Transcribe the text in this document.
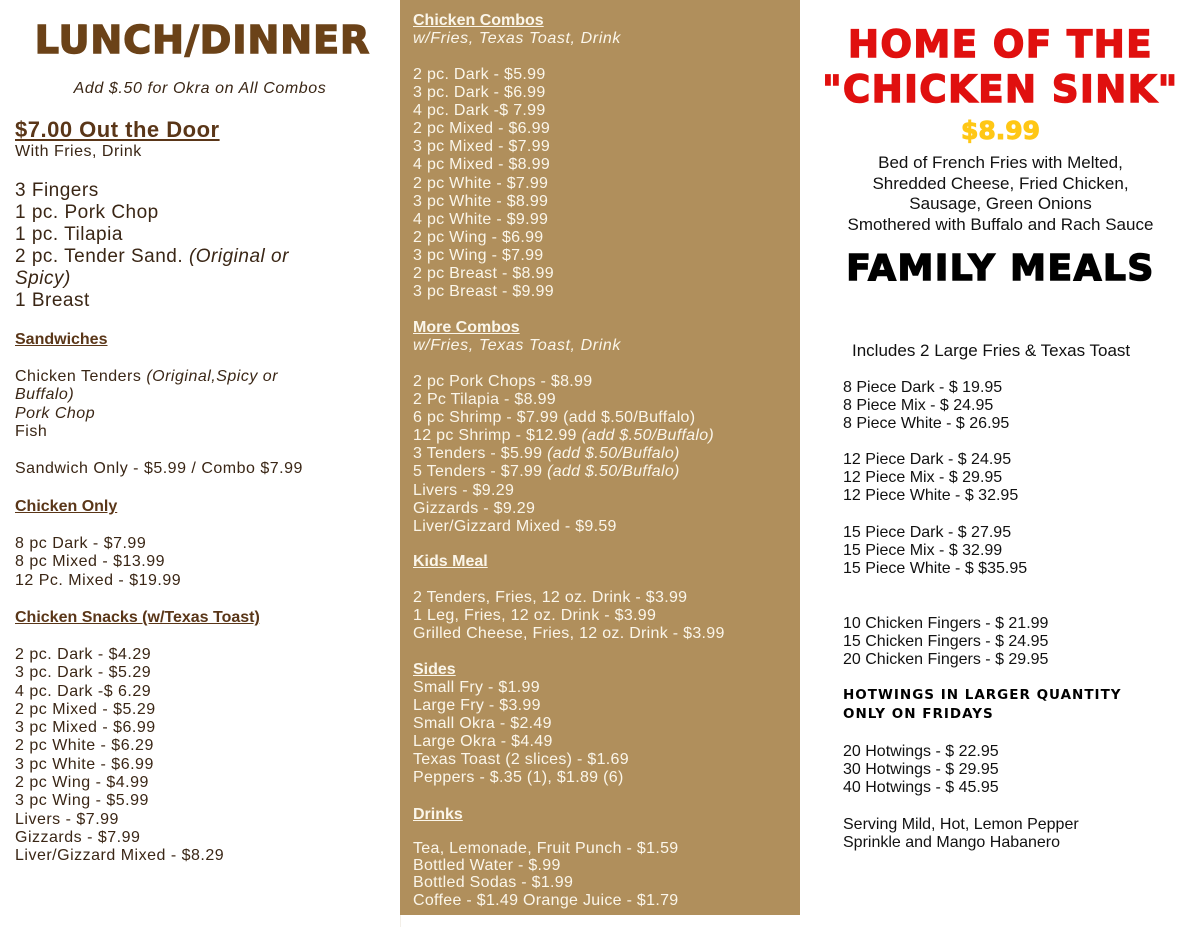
LUNCH/DINNER
Add $.50 for Okra on All Combos
$7.00 Out the Door
With Fries, Drink
3 Fingers
1 pc. Pork Chop
1 pc. Tilapia
2 pc. Tender Sand. (Original or
Spicy)
1 Breast
Sandwiches
Chicken Tenders (Original,Spicy or
Buffalo)
Pork Chop
Fish
Sandwich Only - $5.99 / Combo $7.99
Chicken Only
8 pc Dark - $7.99
8 pc Mixed - $13.99
12 Pc. Mixed - $19.99
Chicken Snacks (w/Texas Toast)
2 pc. Dark - $4.29
3 pc. Dark - $5.29
4 pc. Dark -$ 6.29
2 pc Mixed - $5.29
3 pc Mixed - $6.99
2 pc White - $6.29
3 pc White - $6.99
2 pc Wing - $4.99
3 pc Wing - $5.99
Livers - $7.99
Gizzards - $7.99
Liver/Gizzard Mixed - $8.29
Chicken Combos
w/Fries, Texas Toast, Drink
2 pc. Dark - $5.99
3 pc. Dark - $6.99
4 pc. Dark -$ 7.99
2 pc Mixed - $6.99
3 pc Mixed - $7.99
4 pc Mixed - $8.99
2 pc White - $7.99
3 pc White - $8.99
4 pc White - $9.99
2 pc Wing - $6.99
3 pc Wing - $7.99
2 pc Breast - $8.99
3 pc Breast - $9.99
More Combos
w/Fries, Texas Toast, Drink
2 pc Pork Chops - $8.99
2 Pc Tilapia - $8.99
6 pc Shrimp - $7.99 (add $.50/Buffalo)
12 pc Shrimp - $12.99 (add $.50/Buffalo)
3 Tenders - $5.99 (add $.50/Buffalo)
5 Tenders - $7.99 (add $.50/Buffalo)
Livers - $9.29
Gizzards - $9.29
Liver/Gizzard Mixed - $9.59
Kids Meal
2 Tenders, Fries, 12 oz. Drink - $3.99
1 Leg, Fries, 12 oz. Drink - $3.99
Grilled Cheese, Fries, 12 oz. Drink - $3.99
Sides
Small Fry - $1.99
Large Fry - $3.99
Small Okra - $2.49
Large Okra - $4.49
Texas Toast (2 slices) - $1.69
Peppers - $.35 (1), $1.89 (6)
Drinks
Tea, Lemonade, Fruit Punch - $1.59
Bottled Water - $.99
Bottled Sodas - $1.99
Coffee - $1.49 Orange Juice - $1.79
HOME OF THE
"CHICKEN SINK"
$8.99
Bed of French Fries with Melted,
Shredded Cheese, Fried Chicken,
Sausage, Green Onions
Smothered with Buffalo and Rach Sauce
FAMILY MEALS
Includes 2 Large Fries & Texas Toast
8 Piece Dark - $ 19.95
8 Piece Mix - $ 24.95
8 Piece White - $ 26.95
12 Piece Dark - $ 24.95
12 Piece Mix - $ 29.95
12 Piece White - $ 32.95
15 Piece Dark - $ 27.95
15 Piece Mix - $ 32.99
15 Piece White - $ $35.95
10 Chicken Fingers - $ 21.99
15 Chicken Fingers - $ 24.95
20 Chicken Fingers - $ 29.95
HOTWINGS IN LARGER QUANTITY
ONLY ON FRIDAYS
20 Hotwings - $ 22.95
30 Hotwings - $ 29.95
40 Hotwings - $ 45.95
Serving Mild, Hot, Lemon Pepper
Sprinkle and Mango Habanero
